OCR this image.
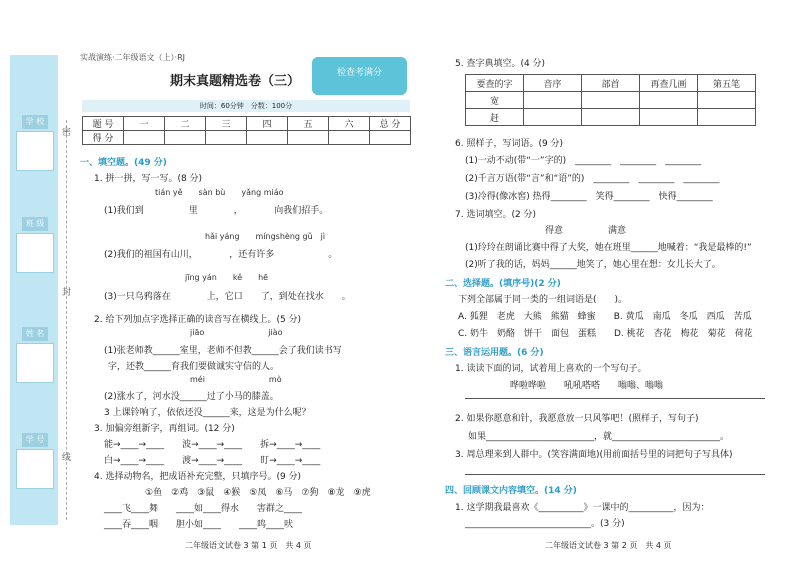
学 校
班 级
姓 名
学 号
密
封
线
实战演练·二年级语文（上）·RJ
期末真题精选卷（三）
检查考满分
时间：60分钟　分数：100分
题 号	一	二	三	四	五	六	总 分
得 分							
一、填空题。(49 分)
1. 拼一拼，写一写。(8 分)
tián yě　　sàn bù　　yǎng miáo
(1)我们到　　　　　里　　　　，　　　　向我们招手。
hǎi yáng　　míngshèng gǔ　jì
(2)我们的祖国有山川，　　　　，还有许多　　　　　　。
jīng yán　　kě　　hē
(3)一只乌鸦落在　　　　上，它口　　了，到处在找水　　。
2. 给下列加点字选择正确的读音写在横线上。(5 分)
jiāo　　　　　　　　jiào
(1)张老师教______室里，老师不但教______会了我们读书写
字，还教______育我们要做诚实守信的人。
méi　　　　　　　　mò
(2)涨水了，河水没______过了小马的膝盖。
3 上课铃响了，依依还没______来，这是为什么呢？
3. 加偏旁组新字，再组词。(12 分)
能→____→____　　波→____→____　　拆→____→____
白→____→____　　渡→____→____　　盯→____→____
4. 选择动物名，把成语补充完整，只填序号。(9 分)
①鱼　②鸡　③鼠　④猴　⑤凤　⑥马　⑦狗　⑧龙　⑨虎
____飞____舞　　____如____得水　　害群之____
____吞____咽　　胆小如____　　____鸣____吠
二年级语文试卷 3 第 1 页　共 4 页
5. 查字典填空。(4 分)
要查的字	音序	部首	再查几画	第五笔
宽				
赶				
6. 照样子，写词语。(9 分)
(1)一动不动(带“一”字的)　________　________　________
(2)千言万语(带“言”和“语”的)　________　________　________
(3)冷得(像冰窖) 热得________　笑得________　快得________
7. 选词填空。(2 分)
得意　　　　　满意
(1)玲玲在朗诵比赛中得了大奖，她在班里______地喊着：“我是最棒的!”
(2)听了我的话，妈妈______地笑了，她心里在想：女儿长大了。
二、选择题。(填序号)(2 分)
下列全部属于同一类的一组词语是(　　)。
A. 狐狸　老虎　大熊　熊猫　蜂蜜　　B. 黄瓜　南瓜　冬瓜　西瓜　苦瓜
C. 奶牛　奶酪　饼干　面包　蛋糕　　D. 桃花　杏花　梅花　菊花　荷花
三、语言运用题。(6 分)
1. 读读下面的词，试着用上喜欢的一个写句子。
哗啦哗啦　　吼吼嗒嗒　　嗡嗡、嗡嗡
2. 如果你愿意和针，我愿意放一只风筝吧！(照样子，写句子)
如果________________________，就________________________。
3. 周总理来到人群中。(笑容满面地)(用前面括号里的词把句子写具体)
四、回顾课文内容填空。(14 分)
1. 这学期我最喜欢《__________》一课中的__________，因为：
____________________________。(3 分)
二年级语文试卷 3 第 2 页　共 4 页
